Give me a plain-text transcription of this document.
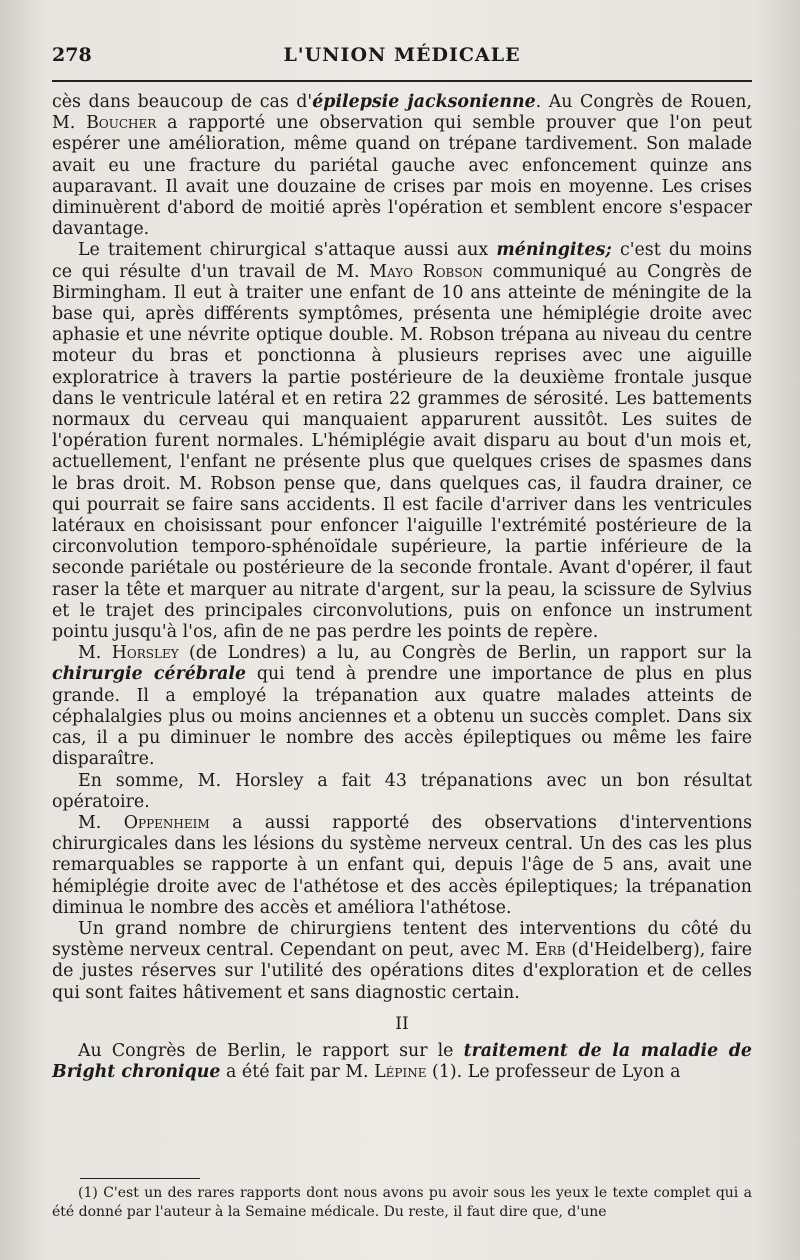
278	L'UNION MÉDICALE

cès dans beaucoup de cas d'épilepsie jacksonienne. Au Congrès de Rouen, M. Boucher a rapporté une observation qui semble prouver que l'on peut espérer une amélioration, même quand on trépane tardivement. Son malade avait eu une fracture du pariétal gauche avec enfoncement quinze ans auparavant. Il avait une douzaine de crises par mois en moyenne. Les crises diminuèrent d'abord de moitié après l'opération et semblent encore s'espacer davantage.

Le traitement chirurgical s'attaque aussi aux méningites; c'est du moins ce qui résulte d'un travail de M. Mayo Robson communiqué au Congrès de Birmingham. Il eut à traiter une enfant de 10 ans atteinte de méningite de la base qui, après différents symptômes, présenta une hémiplégie droite avec aphasie et une névrite optique double. M. Robson trépana au niveau du centre moteur du bras et ponctionna à plusieurs reprises avec une aiguille exploratrice à travers la partie postérieure de la deuxième frontale jusque dans le ventricule latéral et en retira 22 grammes de sérosité. Les battements normaux du cerveau qui manquaient apparurent aussitôt. Les suites de l'opération furent normales. L'hémiplégie avait disparu au bout d'un mois et, actuellement, l'enfant ne présente plus que quelques crises de spasmes dans le bras droit. M. Robson pense que, dans quelques cas, il faudra drainer, ce qui pourrait se faire sans accidents. Il est facile d'arriver dans les ventricules latéraux en choisissant pour enfoncer l'aiguille l'extrémité postérieure de la circonvolution temporo-sphénoïdale supérieure, la partie inférieure de la seconde pariétale ou postérieure de la seconde frontale. Avant d'opérer, il faut raser la tête et marquer au nitrate d'argent, sur la peau, la scissure de Sylvius et le trajet des principales circonvolutions, puis on enfonce un instrument pointu jusqu'à l'os, afin de ne pas perdre les points de repère.

M. Horsley (de Londres) a lu, au Congrès de Berlin, un rapport sur la chirurgie cérébrale qui tend à prendre une importance de plus en plus grande. Il a employé la trépanation aux quatre malades atteints de céphalalgies plus ou moins anciennes et a obtenu un succès complet. Dans six cas, il a pu diminuer le nombre des accès épileptiques ou même les faire disparaître.

En somme, M. Horsley a fait 43 trépanations avec un bon résultat opératoire.

M. Oppenheim a aussi rapporté des observations d'interventions chirurgicales dans les lésions du système nerveux central. Un des cas les plus remarquables se rapporte à un enfant qui, depuis l'âge de 5 ans, avait une hémiplégie droite avec de l'athétose et des accès épileptiques; la trépanation diminua le nombre des accès et améliora l'athétose.

Un grand nombre de chirurgiens tentent des interventions du côté du système nerveux central. Cependant on peut, avec M. Erb (d'Heidelberg), faire de justes réserves sur l'utilité des opérations dites d'exploration et de celles qui sont faites hâtivement et sans diagnostic certain.

II

Au Congrès de Berlin, le rapport sur le traitement de la maladie de Bright chronique a été fait par M. Lépine (1). Le professeur de Lyon a

(1) C'est un des rares rapports dont nous avons pu avoir sous les yeux le texte complet qui a été donné par l'auteur à la Semaine médicale. Du reste, il faut dire que, d'une
